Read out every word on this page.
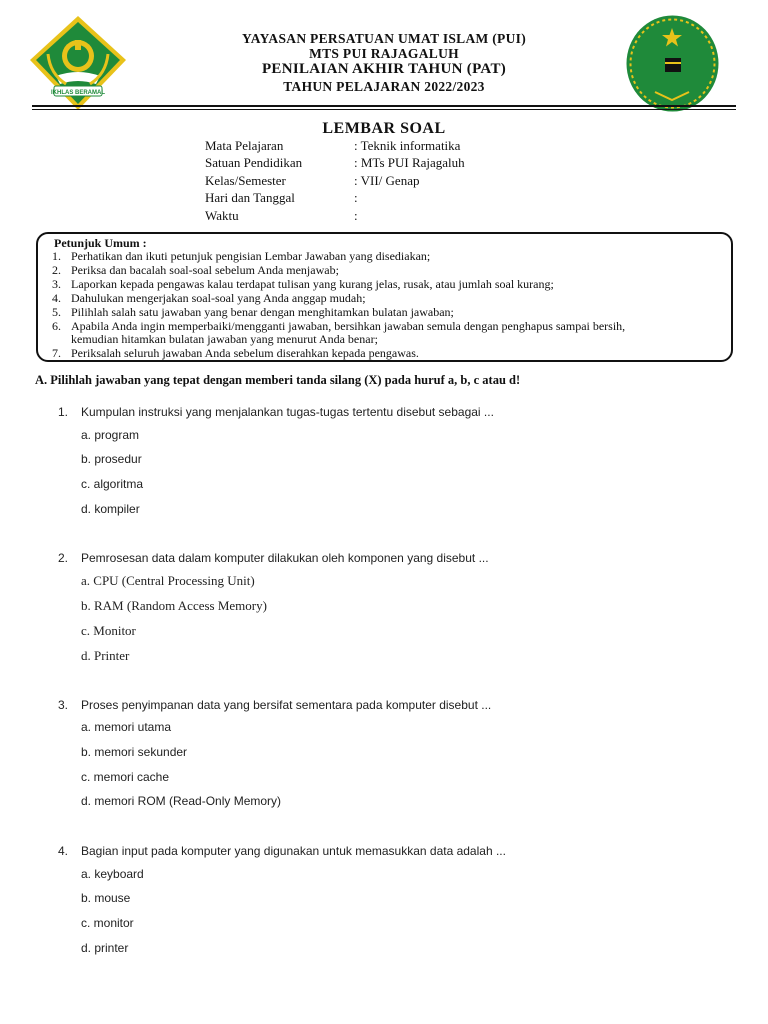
IKHLAS BERAMAL
YAYASAN PERSATUAN UMAT ISLAM (PUI)
MTS PUI RAJAGALUH
PENILAIAN AKHIR TAHUN (PAT)
TAHUN PELAJARAN 2022/2023
LEMBAR SOAL
Mata Pelajaran	: Teknik informatika
Satuan Pendidikan	: MTs PUI Rajagaluh
Kelas/Semester	: VII/ Genap
Hari dan Tanggal	:
Waktu	:
Petunjuk Umum :
1. Perhatikan dan ikuti petunjuk pengisian Lembar Jawaban yang disediakan;
2. Periksa dan bacalah soal-soal sebelum Anda menjawab;
3. Laporkan kepada pengawas kalau terdapat tulisan yang kurang jelas, rusak, atau jumlah soal kurang;
4. Dahulukan mengerjakan soal-soal yang Anda anggap mudah;
5. Pilihlah salah satu jawaban yang benar dengan menghitamkan bulatan jawaban;
6. Apabila Anda ingin memperbaiki/mengganti jawaban, bersihkan jawaban semula dengan penghapus sampai bersih,
kemudian hitamkan bulatan jawaban yang menurut Anda benar;
7. Periksalah seluruh jawaban Anda sebelum diserahkan kepada pengawas.
A. Pilihlah jawaban yang tepat dengan memberi tanda silang (X) pada huruf a, b, c atau d!
1. Kumpulan instruksi yang menjalankan tugas-tugas tertentu disebut sebagai ...
a. program
b. prosedur
c. algoritma
d. kompiler
2. Pemrosesan data dalam komputer dilakukan oleh komponen yang disebut ...
a. CPU (Central Processing Unit)
b. RAM (Random Access Memory)
c. Monitor
d. Printer
3. Proses penyimpanan data yang bersifat sementara pada komputer disebut ...
a. memori utama
b. memori sekunder
c. memori cache
d. memori ROM (Read-Only Memory)
4. Bagian input pada komputer yang digunakan untuk memasukkan data adalah ...
a. keyboard
b. mouse
c. monitor
d. printer
